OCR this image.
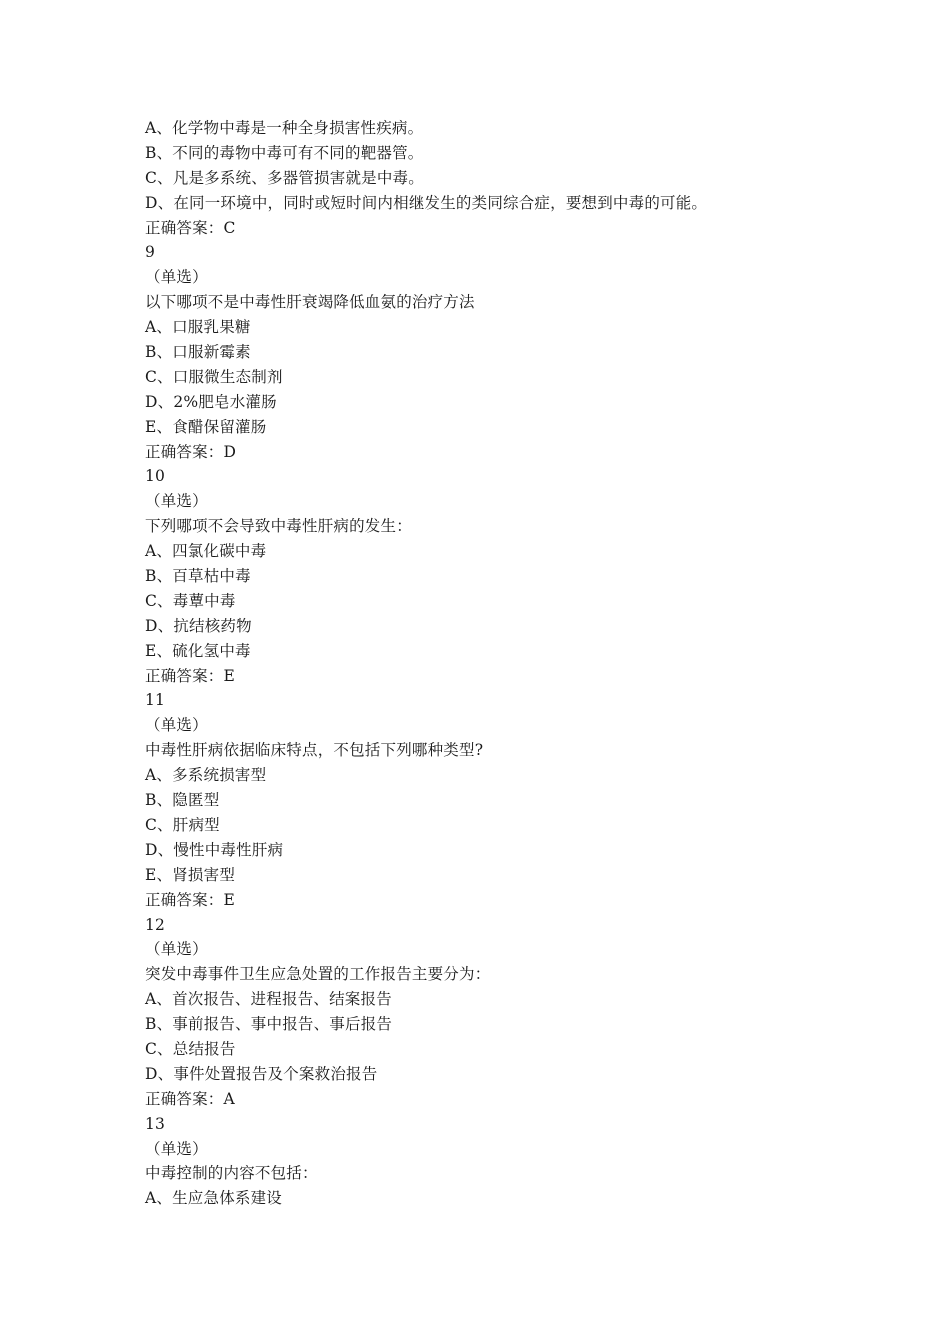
A、化学物中毒是一种全身损害性疾病。
B、不同的毒物中毒可有不同的靶器管。
C、凡是多系统、多器管损害就是中毒。
D、在同一环境中，同时或短时间内相继发生的类同综合症，要想到中毒的可能。
正确答案：C
9
（单选）
以下哪项不是中毒性肝衰竭降低血氨的治疗方法
A、口服乳果糖
B、口服新霉素
C、口服微生态制剂
D、2%肥皂水灌肠
E、食醋保留灌肠
正确答案：D
10
（单选）
下列哪项不会导致中毒性肝病的发生：
A、四氯化碳中毒
B、百草枯中毒
C、毒蕈中毒
D、抗结核药物
E、硫化氢中毒
正确答案：E
11
（单选）
中毒性肝病依据临床特点，不包括下列哪种类型?
A、多系统损害型
B、隐匿型
C、肝病型
D、慢性中毒性肝病
E、肾损害型
正确答案：E
12
（单选）
突发中毒事件卫生应急处置的工作报告主要分为：
A、首次报告、进程报告、结案报告
B、事前报告、事中报告、事后报告
C、总结报告
D、事件处置报告及个案救治报告
正确答案：A
13
（单选）
中毒控制的内容不包括：
A、生应急体系建设
